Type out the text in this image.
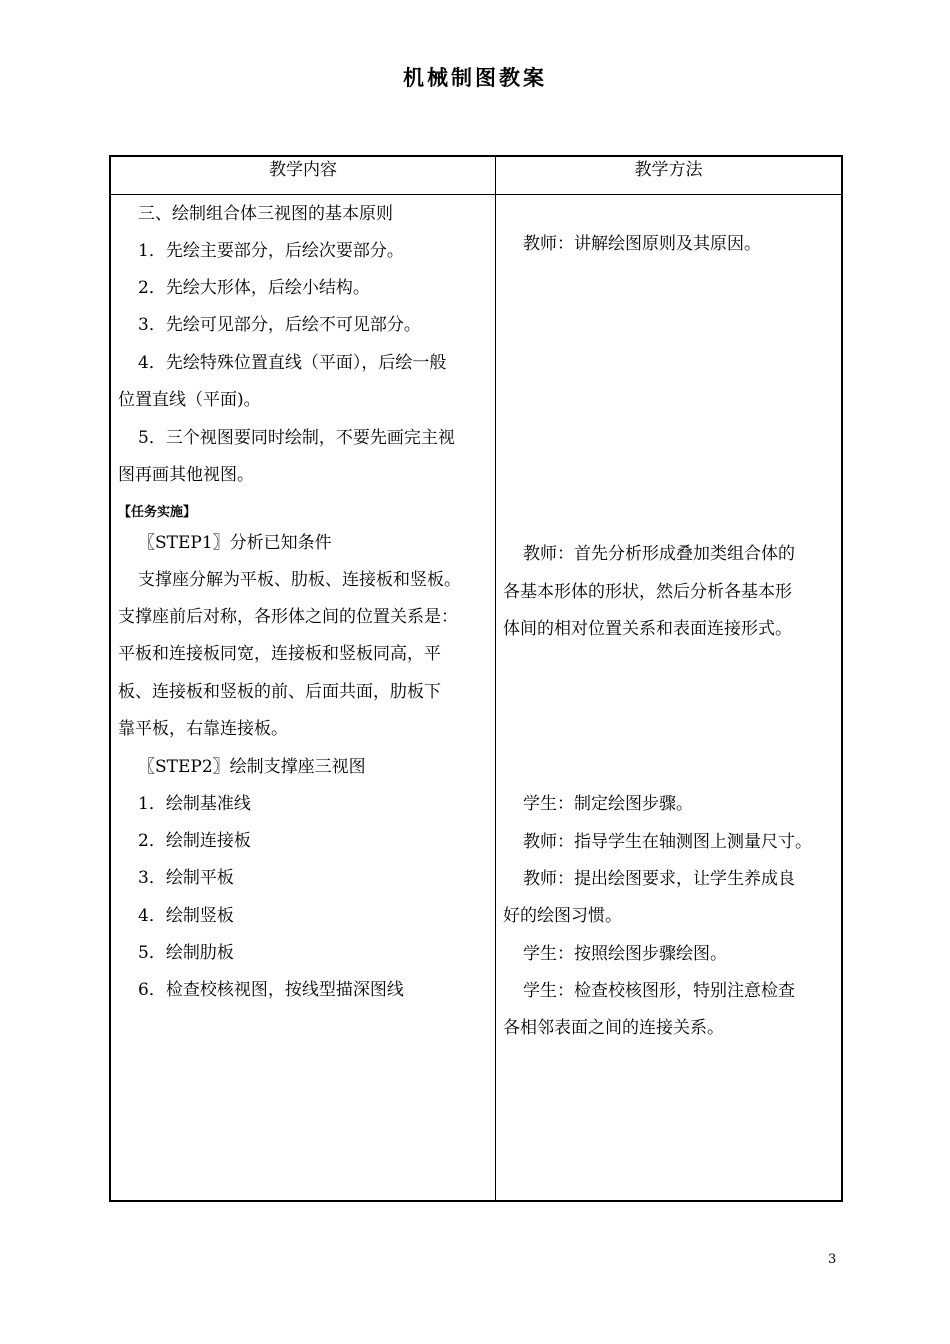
机械制图教案
教学内容	教学方法
三、绘制组合体三视图的基本原则
1．先绘主要部分，后绘次要部分。
2．先绘大形体，后绘小结构。
3．先绘可见部分，后绘不可见部分。
4．先绘特殊位置直线（平面），后绘一般
位置直线（平面)。
5．三个视图要同时绘制，不要先画完主视
图再画其他视图。
【任务实施】
〖STEP1〗分析已知条件
支撑座分解为平板、肋板、连接板和竖板。
支撑座前后对称，各形体之间的位置关系是：
平板和连接板同宽，连接板和竖板同高，平
板、连接板和竖板的前、后面共面，肋板下
靠平板，右靠连接板。
〖STEP2〗绘制支撑座三视图
1．绘制基准线
2．绘制连接板
3．绘制平板
4．绘制竖板
5．绘制肋板
6．检查校核视图，按线型描深图线
教师：讲解绘图原则及其原因。
教师：首先分析形成叠加类组合体的
各基本形体的形状，然后分析各基本形
体间的相对位置关系和表面连接形式。
学生：制定绘图步骤。
教师：指导学生在轴测图上测量尺寸。
教师：提出绘图要求，让学生养成良
好的绘图习惯。
学生：按照绘图步骤绘图。
学生：检查校核图形，特别注意检查
各相邻表面之间的连接关系。
3
